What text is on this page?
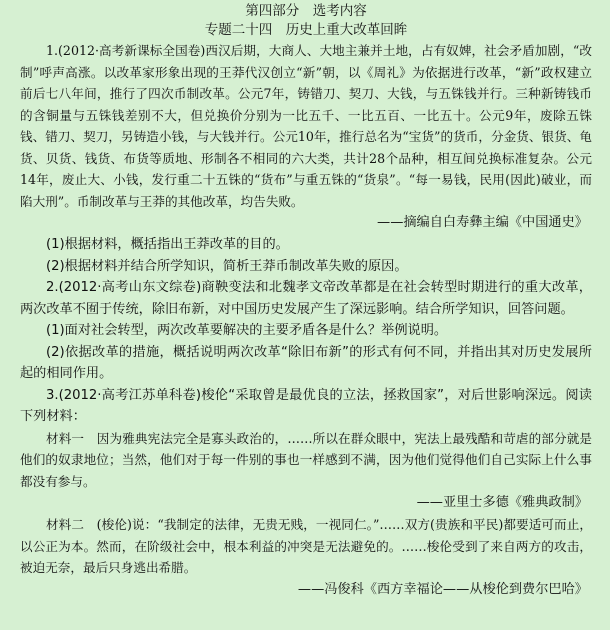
第四部分　选考内容

专题二十四　历史上重大改革回眸

1.(2012·高考新课标全国卷)西汉后期，大商人、大地主兼并土地，占有奴婢，社会矛盾加剧，“改制”呼声高涨。以改革家形象出现的王莽代汉创立“新”朝，以《周礼》为依据进行改革，“新”政权建立前后七八年间，推行了四次币制改革。公元7年，铸错刀、契刀、大钱，与五铢钱并行。三种新铸钱币的含铜量与五铢钱差别不大，但兑换价分别为一比五千、一比五百、一比五十。公元9年，废除五铢钱、错刀、契刀，另铸造小钱，与大钱并行。公元10年，推行总名为“宝货”的货币，分金货、银货、龟货、贝货、钱货、布货等质地、形制各不相同的六大类，共计28个品种，相互间兑换标准复杂。公元14年，废止大、小钱，发行重二十五铢的“货布”与重五铢的“货泉”。“每一易钱，民用(因此)破业，而陷大刑”。币制改革与王莽的其他改革，均告失败。

——摘编自白寿彝主编《中国通史》

(1)根据材料，概括指出王莽改革的目的。

(2)根据材料并结合所学知识，简析王莽币制改革失败的原因。

2.(2012·高考山东文综卷)商鞅变法和北魏孝文帝改革都是在社会转型时期进行的重大改革，两次改革不囿于传统，除旧布新，对中国历史发展产生了深远影响。结合所学知识，回答问题。

(1)面对社会转型，两次改革要解决的主要矛盾各是什么？举例说明。

(2)依据改革的措施，概括说明两次改革“除旧布新”的形式有何不同，并指出其对历史发展所起的相同作用。

3.(2012·高考江苏单科卷)梭伦“采取曾是最优良的立法，拯救国家”，对后世影响深远。阅读下列材料：

材料一　因为雅典宪法完全是寡头政治的，……所以在群众眼中，宪法上最残酷和苛虐的部分就是他们的奴隶地位；当然，他们对于每一件别的事也一样感到不满，因为他们觉得他们自己实际上什么事都没有参与。

——亚里士多德《雅典政制》

材料二　(梭伦)说：“我制定的法律，无贵无贱，一视同仁。”……双方(贵族和平民)都要适可而止，以公正为本。然而，在阶级社会中，根本利益的冲突是无法避免的。……梭伦受到了来自两方的攻击，被迫无奈，最后只身逃出希腊。

——冯俊科《西方幸福论——从梭伦到费尔巴哈》
